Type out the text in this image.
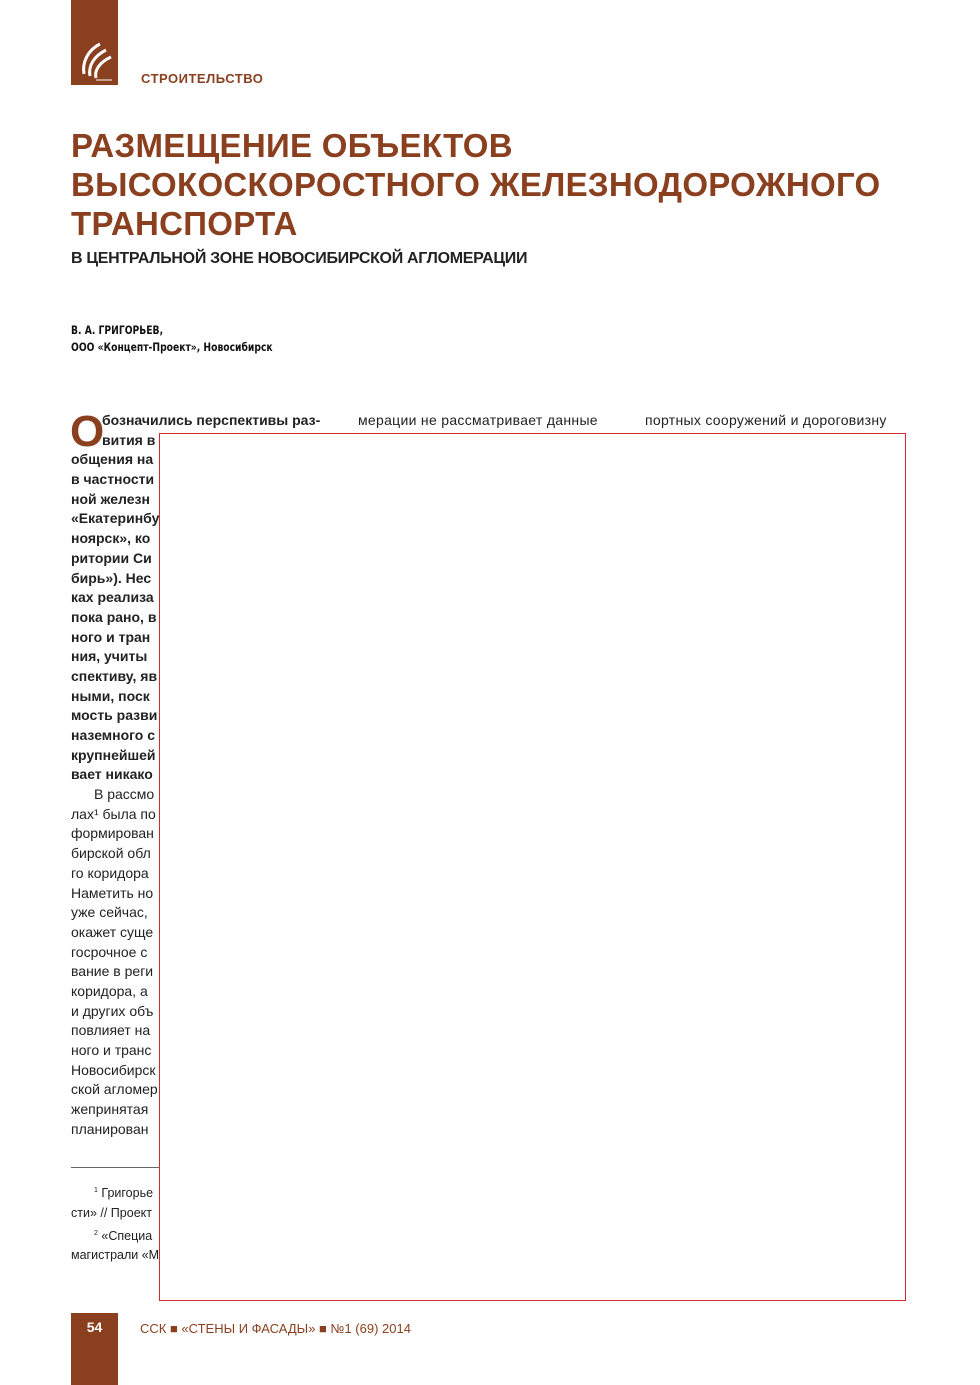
СТРОИТЕЛЬСТВО
РАЗМЕЩЕНИЕ ОБЪЕКТОВ
ВЫСОКОСКОРОСТНОГО ЖЕЛЕЗНОДОРОЖНОГО
ТРАНСПОРТА
В ЦЕНТРАЛЬНОЙ ЗОНЕ НОВОСИБИРСКОЙ АГЛОМЕРАЦИИ
В. А. ГРИГОРЬЕВ,
ООО «Концепт-Проект», Новосибирск
О
бозначились перспективы раз-
вития в
общения на
в частности
ной железн
«Екатеринбу
ноярск», ко
ритории Си
бирь»). Нес
ках реализа
пока рано, в
ного и тран
ния, учиты
спективу, яв
ными, поск
мость разви
наземного с
крупнейшей
вает никако
В рассмо
лах¹ была по
формирован
бирской обл
го коридора
Наметить но
уже сейчас,
окажет суще
госрочное с
вание в реги
коридора, а
и других объ
повлияет на
ного и транс
Новосибирск
ской агломер
жепринятая
планирован
мерации не рассматривает данные	портных сооружений и дороговизну
$^1$ Григорье
сти» // Проект
$^2$ «Специа
магистрали «М
54	ССК ■ «СТЕНЫ И ФАСАДЫ» ■ №1 (69) 2014
